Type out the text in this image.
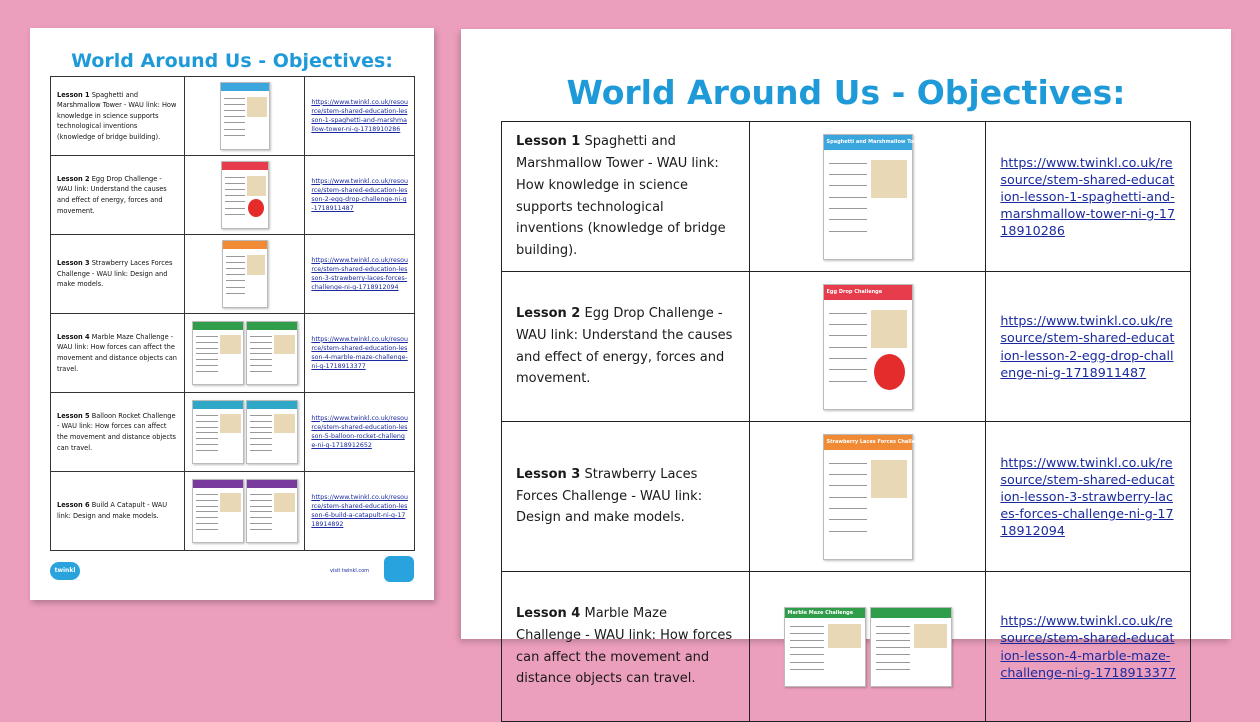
World Around Us - Objectives:
Lesson 1 Spaghetti and Marshmallow Tower - WAU link: How knowledge in science supports technological inventions (knowledge of bridge building).		https://www.twinkl.co.uk/resource/stem-shared-education-lesson-1-spaghetti-and-marshmallow-tower-ni-g-1718910286
Lesson 2 Egg Drop Challenge - WAU link: Understand the causes and effect of energy, forces and movement.		https://www.twinkl.co.uk/resource/stem-shared-education-lesson-2-egg-drop-challenge-ni-g-1718911487
Lesson 3 Strawberry Laces Forces Challenge - WAU link: Design and make models.		https://www.twinkl.co.uk/resource/stem-shared-education-lesson-3-strawberry-laces-forces-challenge-ni-g-1718912094
Lesson 4 Marble Maze Challenge - WAU link: How forces can affect the movement and distance objects can travel.		https://www.twinkl.co.uk/resource/stem-shared-education-lesson-4-marble-maze-challenge-ni-g-1718913377
Lesson 5 Balloon Rocket Challenge - WAU link: How forces can affect the movement and distance objects can travel.		https://www.twinkl.co.uk/resource/stem-shared-education-lesson-5-balloon-rocket-challenge-ni-g-1718912652
Lesson 6 Build A Catapult - WAU link: Design and make models.		https://www.twinkl.co.uk/resource/stem-shared-education-lesson-6-build-a-catapult-ni-g-1718914892
twinkl	visit twinkl.com
World Around Us - Objectives:
Lesson 1 Spaghetti and Marshmallow Tower - WAU link: How knowledge in science supports technological inventions (knowledge of bridge building).	Spaghetti and Marshmallow Tower	https://www.twinkl.co.uk/resource/stem-shared-education-lesson-1-spaghetti-and-marshmallow-tower-ni-g-1718910286
Lesson 2 Egg Drop Challenge - WAU link: Understand the causes and effect of energy, forces and movement.	Egg Drop Challenge	https://www.twinkl.co.uk/resource/stem-shared-education-lesson-2-egg-drop-challenge-ni-g-1718911487
Lesson 3 Strawberry Laces Forces Challenge - WAU link: Design and make models.	Strawberry Laces Forces Challenge	https://www.twinkl.co.uk/resource/stem-shared-education-lesson-3-strawberry-laces-forces-challenge-ni-g-1718912094
Lesson 4 Marble Maze Challenge - WAU link: How forces can affect the movement and distance objects can travel.	Marble Maze Challenge	https://www.twinkl.co.uk/resource/stem-shared-education-lesson-4-marble-maze-challenge-ni-g-1718913377
